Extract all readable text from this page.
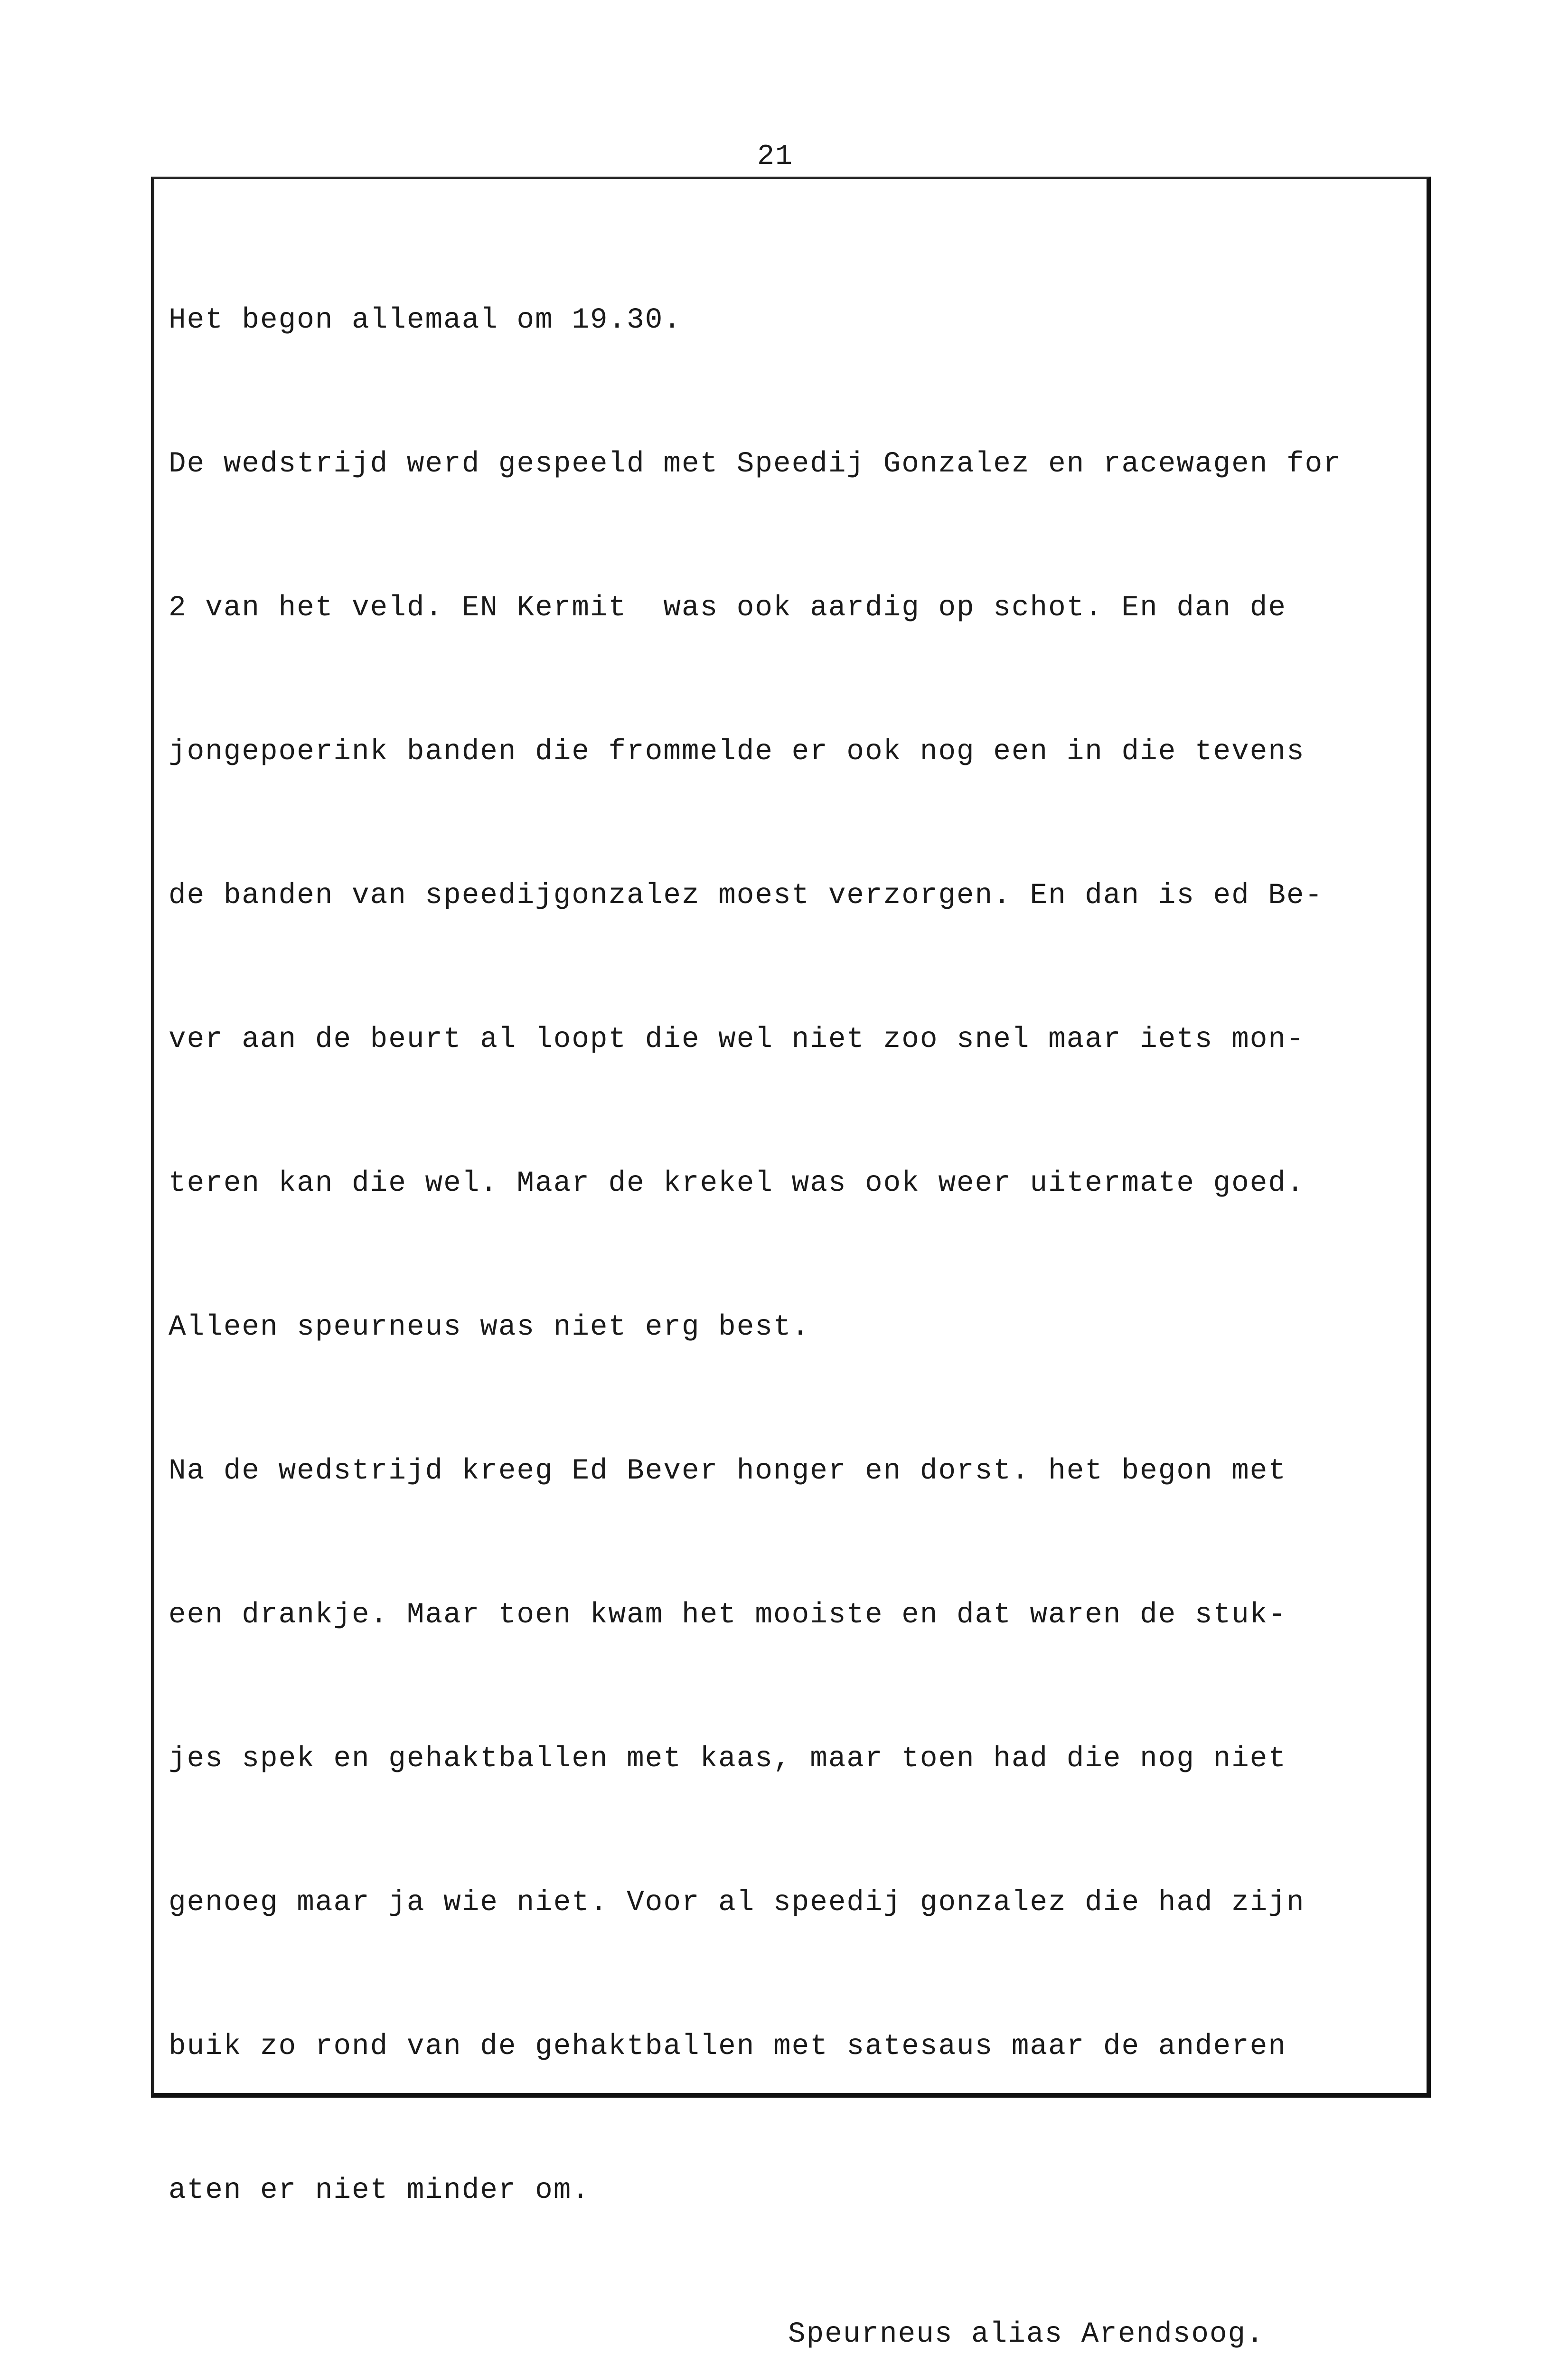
21

Het begon allemaal om 19.30.

De wedstrijd werd gespeeld met Speedij Gonzalez en racewagen for

2 van het veld. EN Kermit  was ook aardig op schot. En dan de

jongepoerink banden die frommelde er ook nog een in die tevens

de banden van speedijgonzalez moest verzorgen. En dan is ed Be-

ver aan de beurt al loopt die wel niet zoo snel maar iets mon-

teren kan die wel. Maar de krekel was ook weer uitermate goed.

Alleen speurneus was niet erg best.

Na de wedstrijd kreeg Ed Bever honger en dorst. het begon met

een drankje. Maar toen kwam het mooiste en dat waren de stuk-

jes spek en gehaktballen met kaas, maar toen had die nog niet

genoeg maar ja wie niet. Voor al speedij gonzalez die had zijn

buik zo rond van de gehaktballen met satesaus maar de anderen

aten er niet minder om.

Speurneus alias Arendsoog.
